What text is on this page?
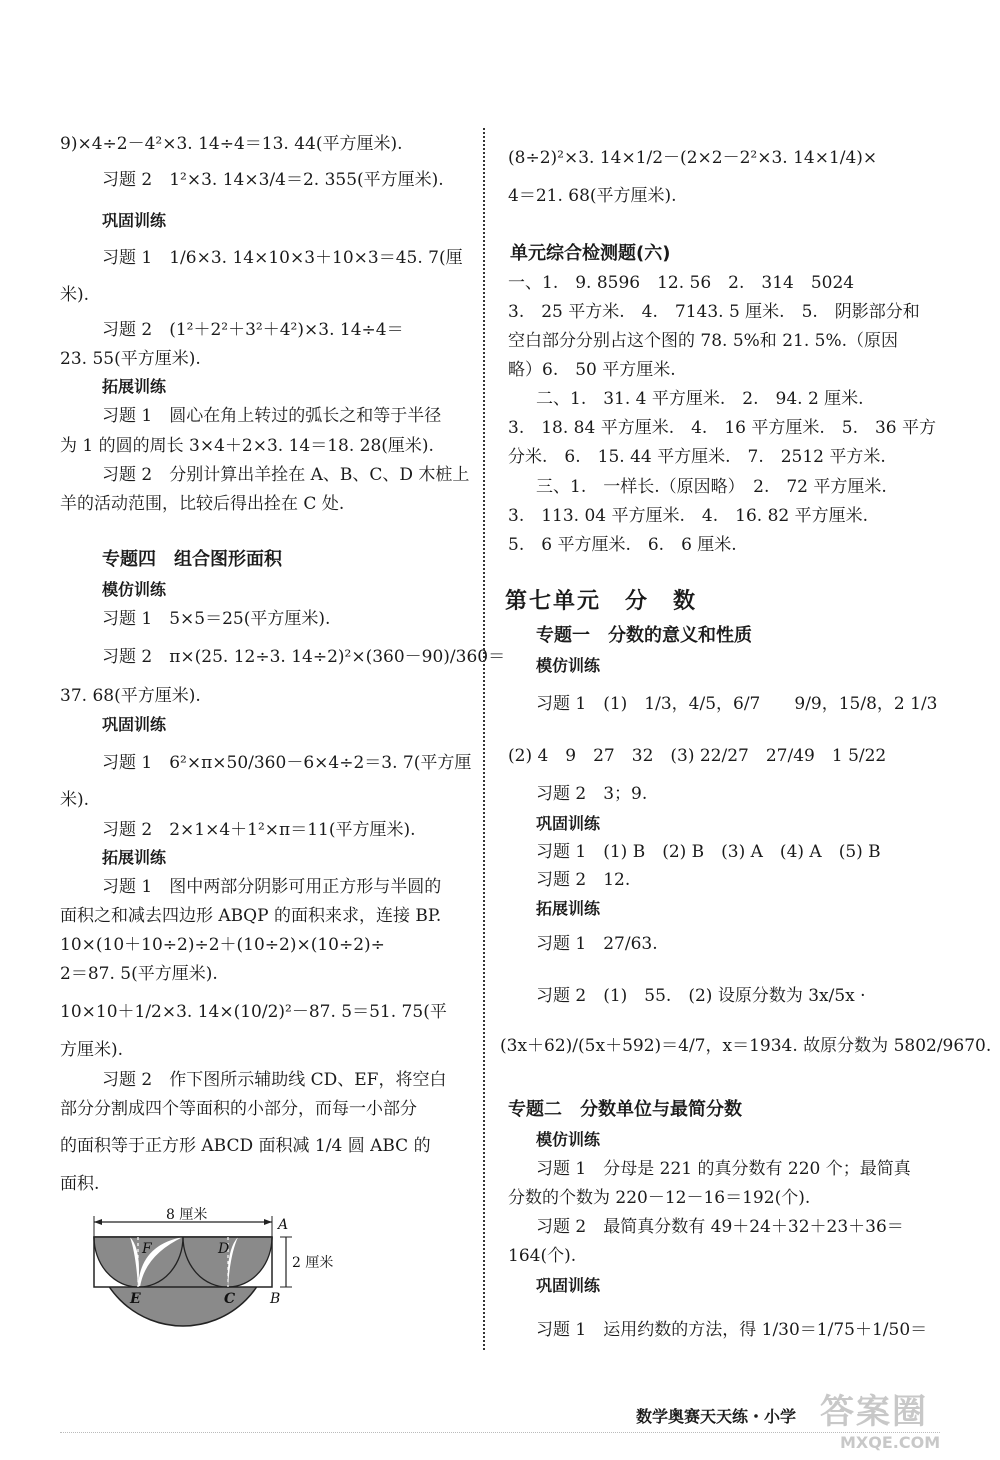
9)×4÷2－4²×3. 14÷4＝13. 44(平方厘米).
习题 2　1²×3. 14×3/4＝2. 355(平方厘米).
巩固训练
习题 1　1/6×3. 14×10×3＋10×3＝45. 7(厘
米).
习题 2　(1²＋2²＋3²＋4²)×3. 14÷4＝
23. 55(平方厘米).
拓展训练
习题 1　圆心在角上转过的弧长之和等于半径
为 1 的圆的周长 3×4＋2×3. 14＝18. 28(厘米).
习题 2　分别计算出羊拴在 A、B、C、D 木桩上
羊的活动范围，比较后得出拴在 C 处.
专题四　组合图形面积
模仿训练
习题 1　5×5＝25(平方厘米).
习题 2　π×(25. 12÷3. 14÷2)²×(360－90)/360＝
37. 68(平方厘米).
巩固训练
习题 1　6²×π×50/360－6×4÷2＝3. 7(平方厘
米).
习题 2　2×1×4＋1²×π＝11(平方厘米).
拓展训练
习题 1　图中两部分阴影可用正方形与半圆的
面积之和减去四边形 ABQP 的面积来求，连接 BP.
10×(10＋10÷2)÷2＋(10÷2)×(10÷2)÷
2＝87. 5(平方厘米).
10×10＋1/2×3. 14×(10/2)²－87. 5＝51. 75(平
方厘米).
习题 2　作下图所示辅助线 CD、EF，将空白
部分分割成四个等面积的小部分，而每一小部分
的面积等于正方形 ABCD 面积减 1/4 圆 ABC 的
面积.
8 厘米
2 厘米
A
B
C
D
E
F
(8÷2)²×3. 14×1/2－(2×2－2²×3. 14×1/4)×
4＝21. 68(平方厘米).
单元综合检测题(六)
一、1.　9. 8596　12. 56　2.　314　5024
3.　25 平方米.　4.　7143. 5 厘米.　5.　阴影部分和
空白部分分别占这个图的 78. 5%和 21. 5%.（原因
略）6.　50 平方厘米.
二、1.　31. 4 平方厘米.　2.　94. 2 厘米.
3.　18. 84 平方厘米.　4.　16 平方厘米.　5.　36 平方
分米.　6.　15. 44 平方厘米.　7.　2512 平方米.
三、1.　一样长.（原因略）　2.　72 平方厘米.
3.　113. 04 平方厘米.　4.　16. 82 平方厘米.
5.　6 平方厘米.　6.　6 厘米.
第七单元　分　数
专题一　分数的意义和性质
模仿训练
习题 1　(1)　1/3，4/5，6/7　　9/9，15/8，2 1/3
(2) 4　9　27　32　(3) 22/27　27/49　1 5/22
习题 2　3；9.
巩固训练
习题 1　(1) B　(2) B　(3) A　(4) A　(5) B
习题 2　12.
拓展训练
习题 1　27/63.
习题 2　(1)　55.　(2) 设原分数为 3x/5x ·
(3x＋62)/(5x＋592)＝4/7，x＝1934. 故原分数为 5802/9670.
专题二　分数单位与最简分数
模仿训练
习题 1　分母是 221 的真分数有 220 个；最简真
分数的个数为 220－12－16＝192(个).
习题 2　最简真分数有 49＋24＋32＋23＋36＝
164(个).
巩固训练
习题 1　运用约数的方法，得 1/30＝1/75＋1/50＝
数学奥赛天天练・小学 答案圈
MXQE.COM
